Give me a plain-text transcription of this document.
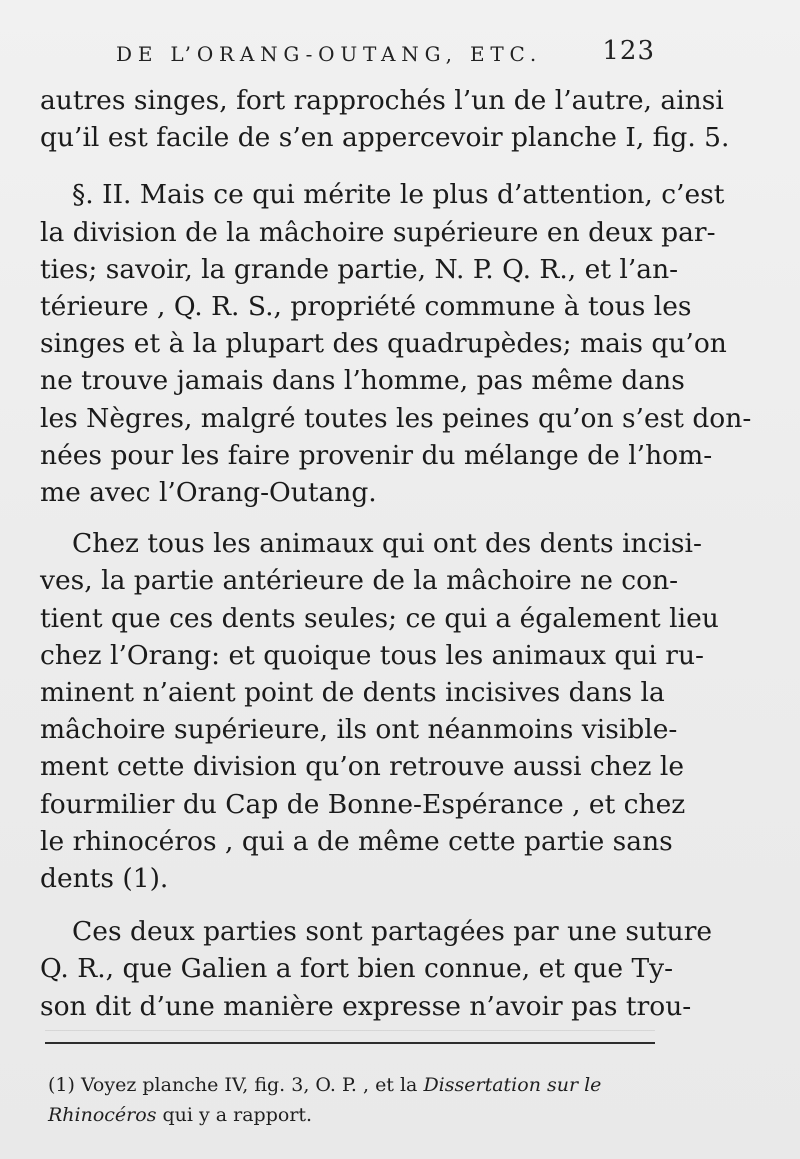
DE L’ORANG-OUTANG, ETC. 123
autres singes, fort rapprochés l’un de l’autre, ainsi
qu’il est facile de s’en appercevoir planche I, fig. 5.
§. II. Mais ce qui mérite le plus d’attention, c’est
la division de la mâchoire supérieure en deux par-
ties; savoir, la grande partie, N. P. Q. R., et l’an-
térieure , Q. R. S., propriété commune à tous les
singes et à la plupart des quadrupèdes; mais qu’on
ne trouve jamais dans l’homme, pas même dans
les Nègres, malgré toutes les peines qu’on s’est don-
nées pour les faire provenir du mélange de l’hom-
me avec l’Orang-Outang.
Chez tous les animaux qui ont des dents incisi-
ves, la partie antérieure de la mâchoire ne con-
tient que ces dents seules; ce qui a également lieu
chez l’Orang: et quoique tous les animaux qui ru-
minent n’aient point de dents incisives dans la
mâchoire supérieure, ils ont néanmoins visible-
ment cette division qu’on retrouve aussi chez le
fourmilier du Cap de Bonne-Espérance , et chez
le rhinocéros , qui a de même cette partie sans
dents (1).
Ces deux parties sont partagées par une suture
Q. R., que Galien a fort bien connue, et que Ty-
son dit d’une manière expresse n’avoir pas trou-
(1) Voyez planche IV, fig. 3, O. P. , et la Dissertation sur le
Rhinocéros qui y a rapport.
